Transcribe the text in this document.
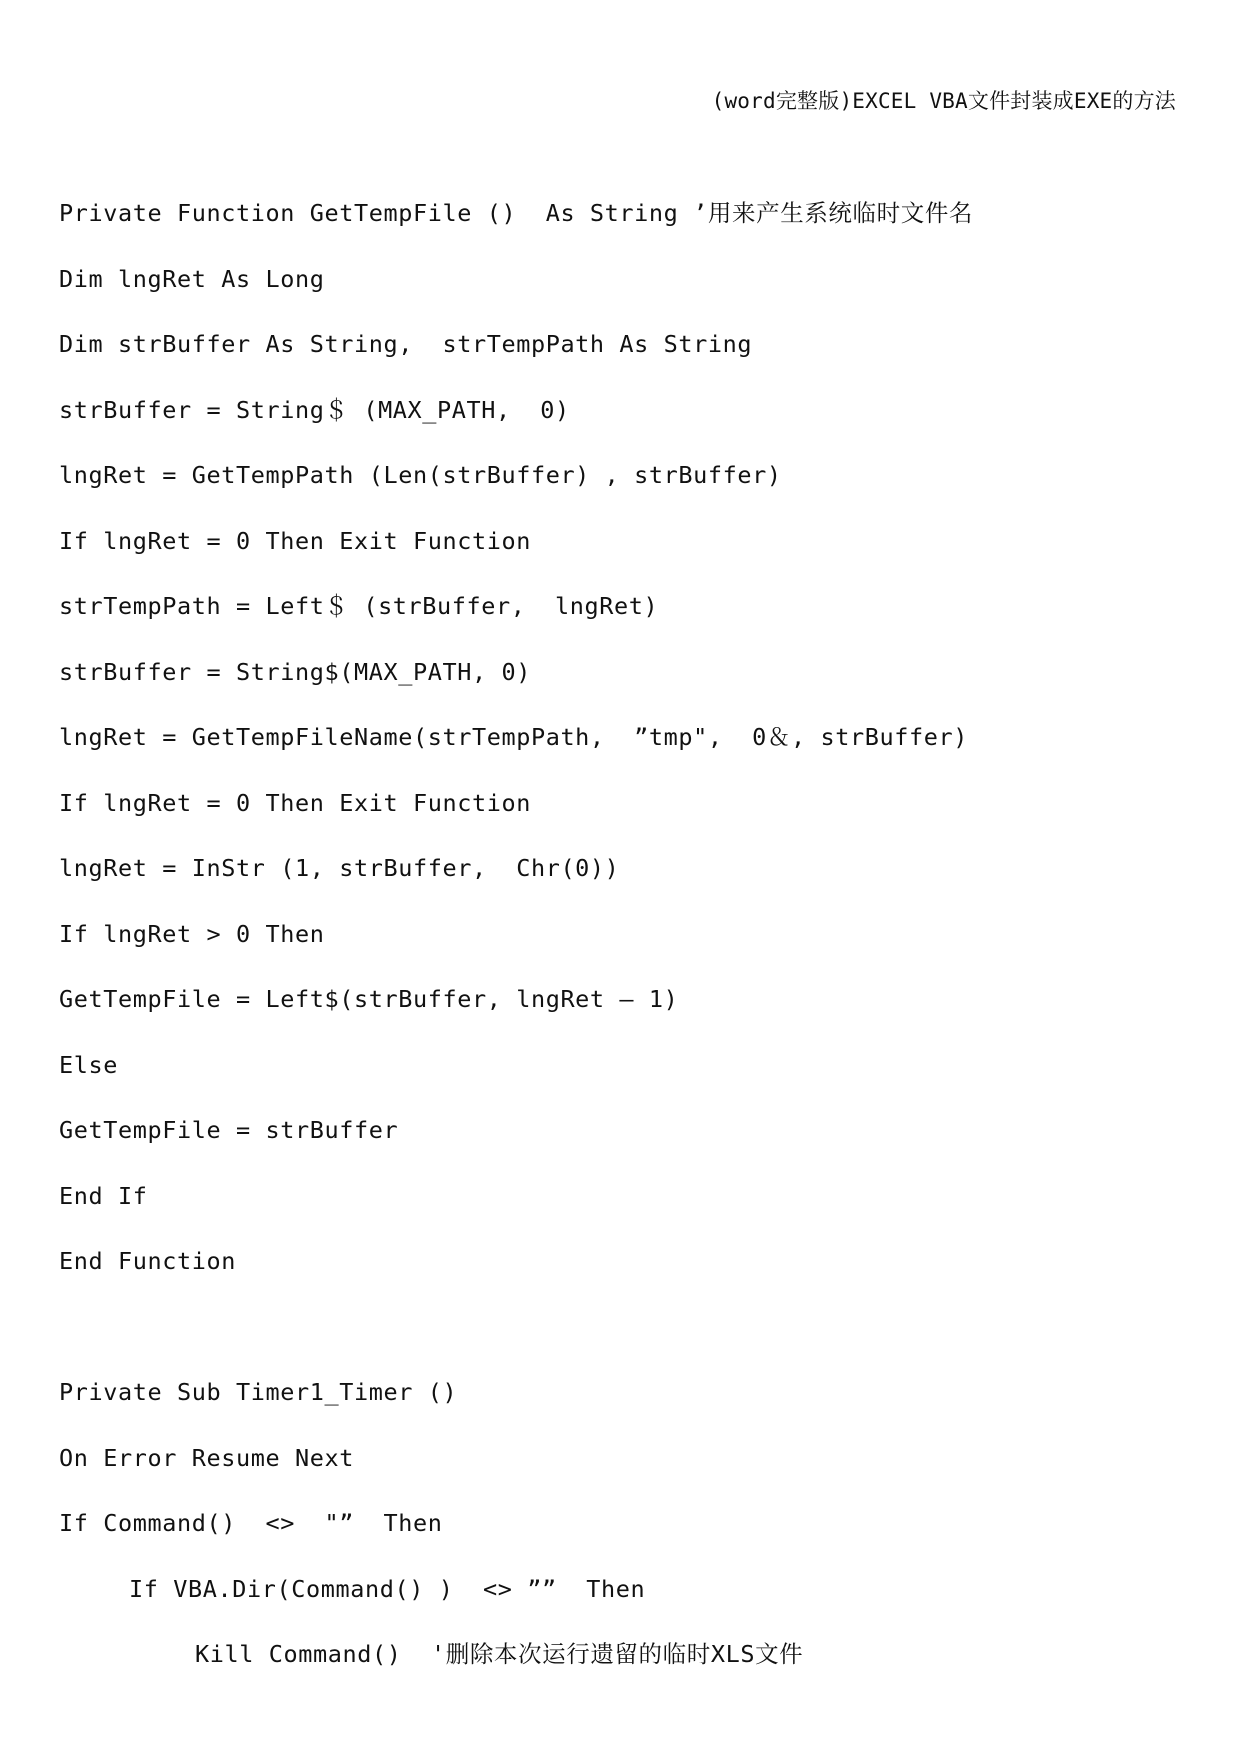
(word完整版)EXCEL VBA文件封装成EXE的方法
Private Function GetTempFile ()  As String ’用来产生系统临时文件名
Dim lngRet As Long
Dim strBuffer As String,  strTempPath As String
strBuffer = String＄ (MAX_PATH,  0)
lngRet = GetTempPath (Len(strBuffer) , strBuffer)
If lngRet = 0 Then Exit Function
strTempPath = Left＄ (strBuffer,  lngRet)
strBuffer = String$(MAX_PATH, 0)
lngRet = GetTempFileName(strTempPath,  ”tmp",  0＆, strBuffer)
If lngRet = 0 Then Exit Function
lngRet = InStr (1, strBuffer,  Chr(0))
If lngRet > 0 Then
GetTempFile = Left$(strBuffer, lngRet — 1)
Else
GetTempFile = strBuffer
End If
End Function
Private Sub Timer1_Timer ()
On Error Resume Next
If Command()  <>  "”  Then
If VBA.Dir(Command() )  <> ””  Then
Kill Command()  '删除本次运行遗留的临时XLS文件
